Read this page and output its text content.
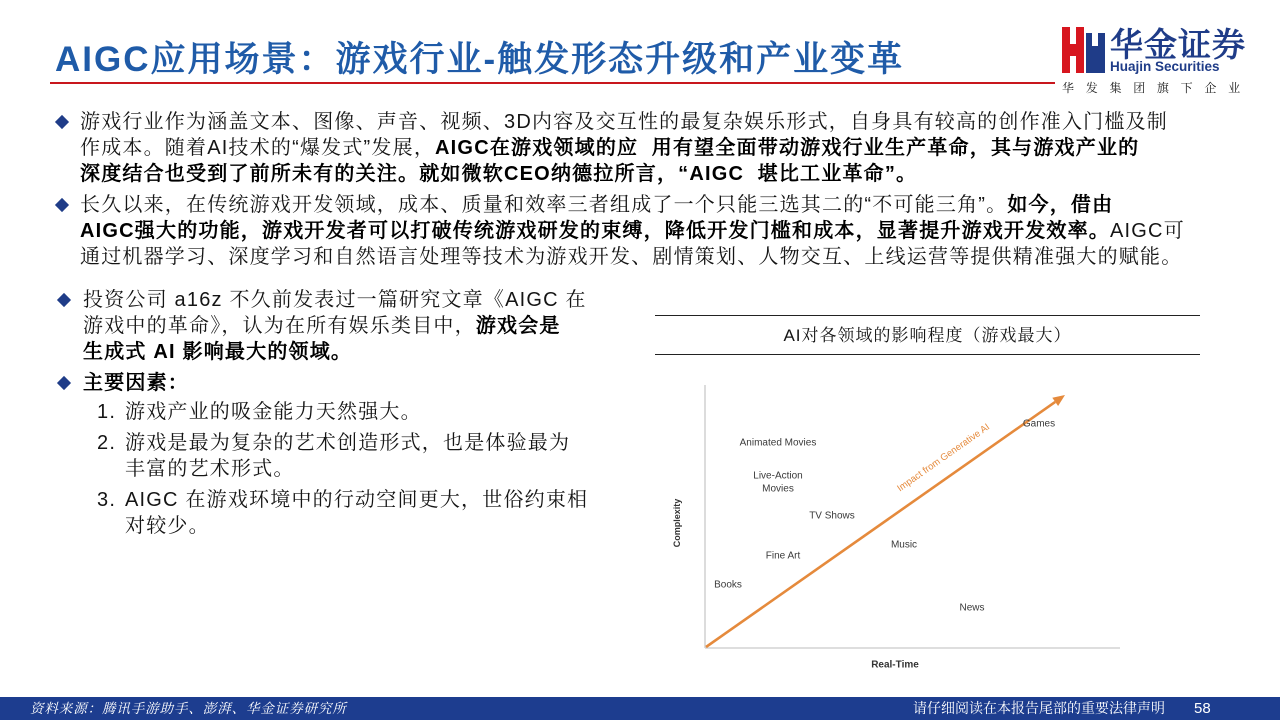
AIGC应用场景：游戏行业-触发形态升级和产业变革	华金证券
Huajin Securities
华 发 集 团 旗 下 企 业
游戏行业作为涵盖文本、图像、声音、视频、3D内容及交互性的最复杂娱乐形式，自身具有较高的创作准入门槛及制
作成本。随着AI技术的“爆发式”发展，AIGC在游戏领域的应  用有望全面带动游戏行业生产革命，其与游戏产业的
深度结合也受到了前所未有的关注。就如微软CEO纳德拉所言，“AIGC  堪比工业革命”。
长久以来，在传统游戏开发领域，成本、质量和效率三者组成了一个只能三选其二的“不可能三角”。如今，借由
AIGC强大的功能，游戏开发者可以打破传统游戏研发的束缚，降低开发门槛和成本，显著提升游戏开发效率。AIGC可
通过机器学习、深度学习和自然语言处理等技术为游戏开发、剧情策划、人物交互、上线运营等提供精准强大的赋能。
投资公司 a16z 不久前发表过一篇研究文章《AIGC 在
游戏中的革命》，认为在所有娱乐类目中，游戏会是
生成式 AI 影响最大的领域。
主要因素：
1. 游戏产业的吸金能力天然强大。
2. 游戏是最为复杂的艺术创造形式，也是体验最为
丰富的艺术形式。
3. AIGC 在游戏环境中的行动空间更大，世俗约束相
对较少。
AI对各领域的影响程度（游戏最大）
Impact from Generative AI
Complexity
Real-Time
Animated Movies
Live-Action Movies
TV Shows
Fine Art
Books
Music
News
Games
资料来源：腾讯手游助手、澎湃、华金证券研究所	请仔细阅读在本报告尾部的重要法律声明 58
